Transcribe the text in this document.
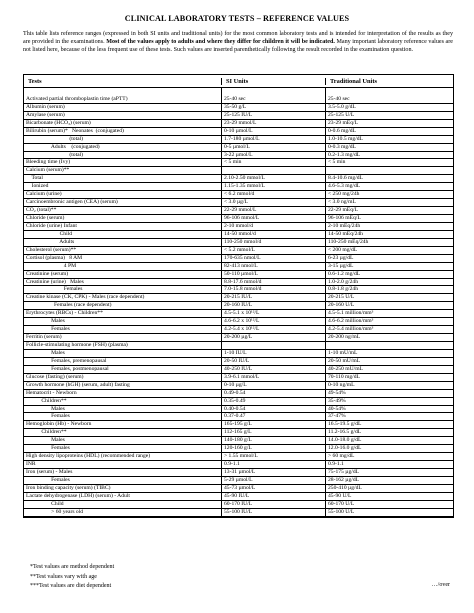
CLINICAL LABORATORY TESTS – REFERENCE VALUES
This table lists reference ranges (expressed in both SI units and traditional units) for the most common laboratory tests and is intended for interpretation of the results as they are provided in the examinations. Most of the values apply to adults and where they differ for children it will be indicated. Many important laboratory reference values are not listed here, because of the less frequent use of these tests. Such values are inserted parenthetically following the result recorded in the examination question.
Tests	SI Units	Traditional Units
Activated partial thromboplastin time (aPTT)	25-40 sec	25-40 sec
Albumin (serum)	35-50 g/L	3.5-5.0 g/dL
Amylase (serum)	25-125 IU/L	25-125 U/L
Bicarbonate (HCO₃) (serum)	23-29 mmol/L	23-29 mEq/L
Bilirubin (serum)*   Neonates  (conjugated)	0-10 µmol/L	0-0.6 mg/dL
(total)	1.7-180 µmol/L	1.0-10.5 mg/dL
Adults    (conjugated)	0-5 µmol/L	0-0.3 mg/dL
(total)	3-22 µmol/L	0.2-1.3 mg/dL
Bleeding time (Ivy)	< 5 min	< 5 min
Calcium (serum)**
Total	2.10-2.50 mmol/L	8.4-10.6 mg/dL
Ionized	1.15-1.35 mmol/L	4.6-5.3 mg/dL
Calcium (urine)	< 6.2 mmol/d	< 250 mg/24h
Carcinoembronic antigen (CEA) (serum)	< 3.0 µg/L	< 3.0 ng/mL
CO₂ (total)**	22-29 mmol/L	22-29 mEq/L
Chloride (serum)	96-106 mmol/L	96-106 mEq/L
Chloride (urine) Infant	2-10 mmol/d	2-10 mEq/24h
Child	14-50 mmol/d	14-50 mEq/24h
Adults	110-250 mmol/d	110-250 mEq/24h
Cholesterol (serum)**	< 5.2 mmol/L	< 200 mg/dL
Cortisol (plasma)   8 AM	170-635 nmol/L	6-23 µg/dL
4 PM	82-413 nmol/L	3-15 µg/dL
Creatinine (serum)	50-110 µmol/L	0.6-1.2 mg/dL
Creatinine (urine)   Males	8.8-17.6 mmol/d	1.0-2.0 g/24h
Females	7.0-15.8 mmol/d	0.8-1.8 g/24h
Creatine kinase (CK, CPK) - Males (race dependent)	20-215 IU/L	20-215 U/L
Females (race dependent)	20-160 IU/L	20-160 U/L
Erythrocytes (RBCs) - Children**	4.5-5.1 x 10¹²/L	4.5-5.1 million/mm³
Males	4.6-6.2 x 10¹²/L	4.6-6.2 million/mm³
Females	4.2-5.4 x 10¹²/L	4.2-5.4 million/mm³
Ferritin (serum)	20-200 µg/L	20-200 ng/mL
Follicle-stimulating hormone (FSH) (plasma)
Males	1-10 IU/L	1-10 mU/mL
Females, premenopausal	20-50 IU/L	20-50 mU/mL
Females, postmenopausal	40-250 IU/L	40-250 mU/mL
Glucose (fasting) (serum)	3.9-6.1 mmol/L	70-110 mg/dL
Growth hormone (hGH) (serum, adult) fasting	0-10 µg/L	0-10 ng/mL
Hematocrit - Newborn	0.49-0.54	49-54%
Children**	0.35-0.49	35-49%
Males	0.40-0.54	40-54%
Females	0.37-0.47	37-47%
Hemoglobin (Hb) - Newborn	165-195 g/L	16.5-19.5 g/dL
Children**	112-165 g/L	11.2-16.5 g/dL
Males	140-180 g/L	14.0-18.0 g/dL
Females	120-160 g/L	12.0-16.0 g/dL
High density lipoproteins (HDL) (recommended range)	> 1.55 mmol/L	> 60 mg/dL
INR	0.9-1.1	0.9-1.1
Iron (serum) - Males	13-31 µmol/L	75-175 µg/dL
Females	5-29 µmol/L	28-162 µg/dL
Iron binding capacity (serum) (TIBC)	45-73 µmol/L	250-410 µg/dL
Lactate dehydrogenase (LDH) (serum) - Adult	45-90 IU/L	45-90 U/L
Child	60-170 IU/L	60-170 U/L
> 60 years old	55-100 IU/L	55-100 U/L
*Test values are method dependent
**Test values vary with age
***Test values are diet dependent	…/over
